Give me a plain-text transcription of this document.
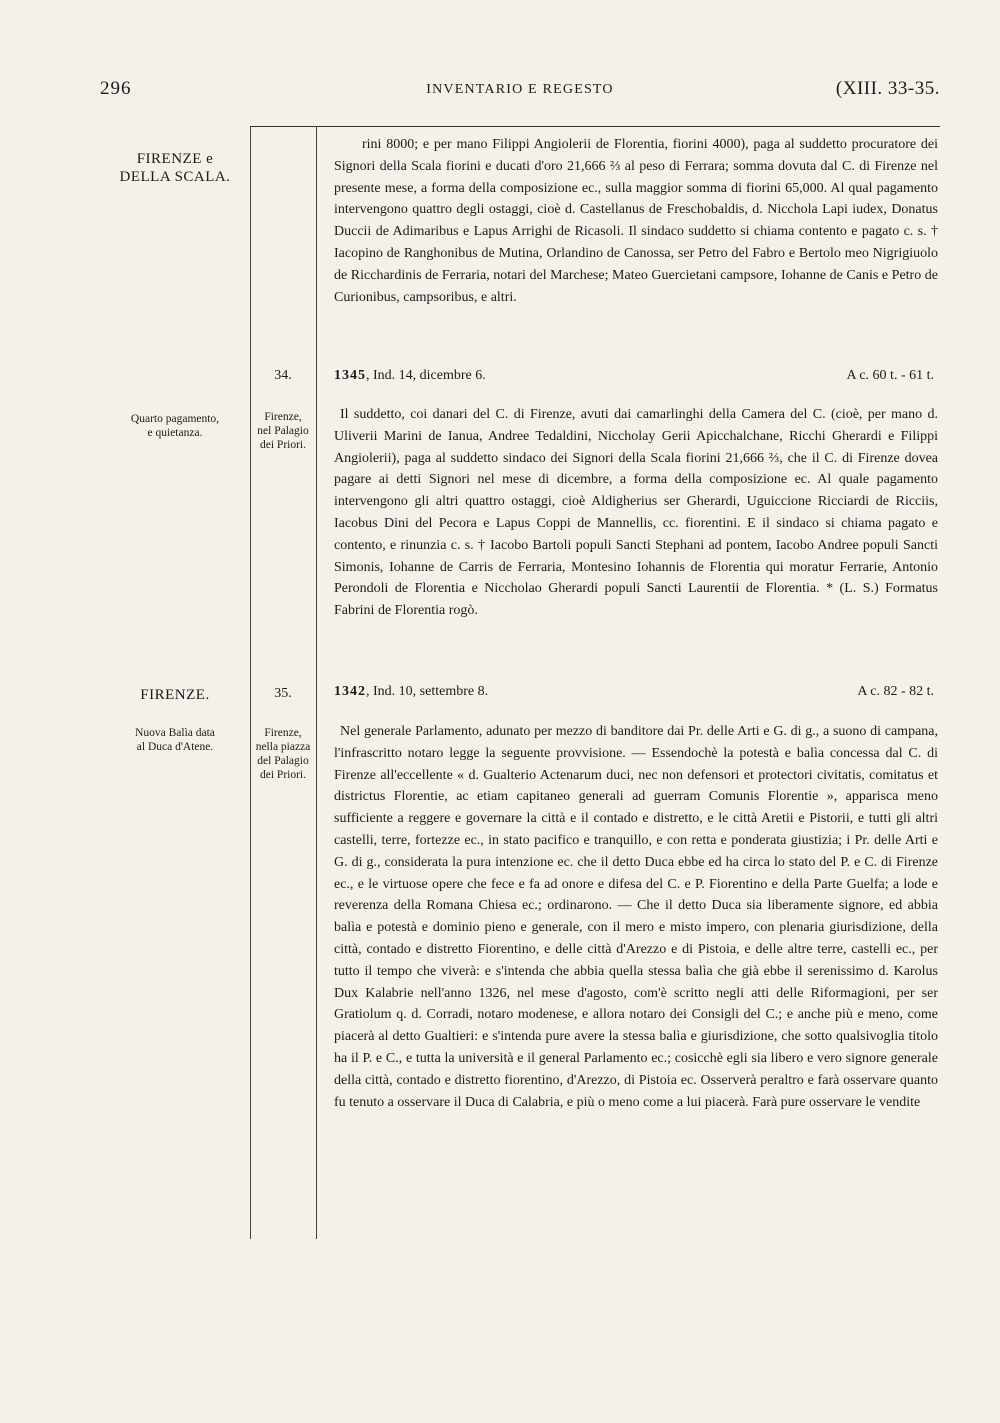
296	INVENTARIO E REGESTO	(XIII. 33-35.
FIRENZE e
DELLA SCALA.

rini 8000; e per mano Filippi Angiolerii de Florentia, fiorini 4000), paga al suddetto procuratore dei Signori della Scala fiorini e ducati d'oro 21,666 ⅔ al peso di Ferrara; somma dovuta dal C. di Firenze nel presente mese, a forma della composizione ec., sulla maggior somma di fiorini 65,000. Al qual pagamento intervengono quattro degli ostaggi, cioè d. Castellanus de Freschobaldis, d. Nicchola Lapi iudex, Donatus Duccii de Adimaribus e Lapus Arrighi de Ricasoli. Il sindaco suddetto si chiama contento e pagato c. s. † Iacopino de Ranghonibus de Mutina, Orlandino de Canossa, ser Petro del Fabro e Bertolo meo Nigrigiuolo de Ricchardinis de Ferraria, notari del Marchese; Mateo Guercietani campsore, Iohanne de Canis e Petro de Curionibus, campsoribus, e altri.

34.	1345, Ind. 14, dicembre 6.	A c. 60 t. - 61 t.
Quarto pagamento,
e quietanza.
Firenze,
nel Palagio
dei Priori.

Il suddetto, coi danari del C. di Firenze, avuti dai camarlinghi della Camera del C. (cioè, per mano d. Uliverii Marini de Ianua, Andree Tedaldini, Niccholay Gerii Apicchalchane, Ricchi Gherardi e Filippi Angiolerii), paga al suddetto sindaco dei Signori della Scala fiorini 21,666 ⅔, che il C. di Firenze dovea pagare ai detti Signori nel mese di dicembre, a forma della composizione ec. Al quale pagamento intervengono gli altri quattro ostaggi, cioè Aldigherius ser Gherardi, Uguiccione Ricciardi de Ricciis, Iacobus Dini del Pecora e Lapus Coppi de Mannellis, cc. fiorentini. E il sindaco si chiama pagato e contento, e rinunzia c. s. † Iacobo Bartoli populi Sancti Stephani ad pontem, Iacobo Andree populi Sancti Simonis, Iohanne de Carris de Ferraria, Montesino Iohannis de Florentia qui moratur Ferrarie, Antonio Perondoli de Florentia e Niccholao Gherardi populi Sancti Laurentii de Florentia. * (L. S.) Formatus Fabrini de Florentia rogò.

FIRENZE.	35.	1342, Ind. 10, settembre 8.	A c. 82 - 82 t.
Nuova Balìa data
al Duca d'Atene.
Firenze,
nella piazza del Palagio
dei Priori.

Nel generale Parlamento, adunato per mezzo di banditore dai Pr. delle Arti e G. di g., a suono di campana, l'infrascritto notaro legge la seguente provvisione. — Essendochè la potestà e balìa concessa dal C. di Firenze all'eccellente « d. Gualterio Actenarum duci, nec non defensori et protectori civitatis, comitatus et districtus Florentie, ac etiam capitaneo generali ad guerram Comunis Florentie », apparisca meno sufficiente a reggere e governare la città e il contado e distretto, e le città Aretii e Pistorii, e tutti gli altri castelli, terre, fortezze ec., in stato pacifico e tranquillo, e con retta e ponderata giustizia; i Pr. delle Arti e G. di g., considerata la pura intenzione ec. che il detto Duca ebbe ed ha circa lo stato del P. e C. di Firenze ec., e le virtuose opere che fece e fa ad onore e difesa del C. e P. Fiorentino e della Parte Guelfa; a lode e reverenza della Romana Chiesa ec.; ordinarono. — Che il detto Duca sia liberamente signore, ed abbia balìa e potestà e dominio pieno e generale, con il mero e misto impero, con plenaria giurisdizione, della città, contado e distretto Fiorentino, e delle città d'Arezzo e di Pistoia, e delle altre terre, castelli ec., per tutto il tempo che viverà: e s'intenda che abbia quella stessa balìa che già ebbe il serenissimo d. Karolus Dux Kalabrie nell'anno 1326, nel mese d'agosto, com'è scritto negli atti delle Riformagioni, per ser Gratiolum q. d. Corradi, notaro modenese, e allora notaro dei Consigli del C.; e anche più e meno, come piacerà al detto Gualtieri: e s'intenda pure avere la stessa balìa e giurisdizione, che sotto qualsivoglia titolo ha il P. e C., e tutta la università e il general Parlamento ec.; cosicchè egli sia libero e vero signore generale della città, contado e distretto fiorentino, d'Arezzo, di Pistoia ec. Osserverà peraltro e farà osservare quanto fu tenuto a osservare il Duca di Calabria, e più o meno come a lui piacerà. Farà pure osservare le vendite
